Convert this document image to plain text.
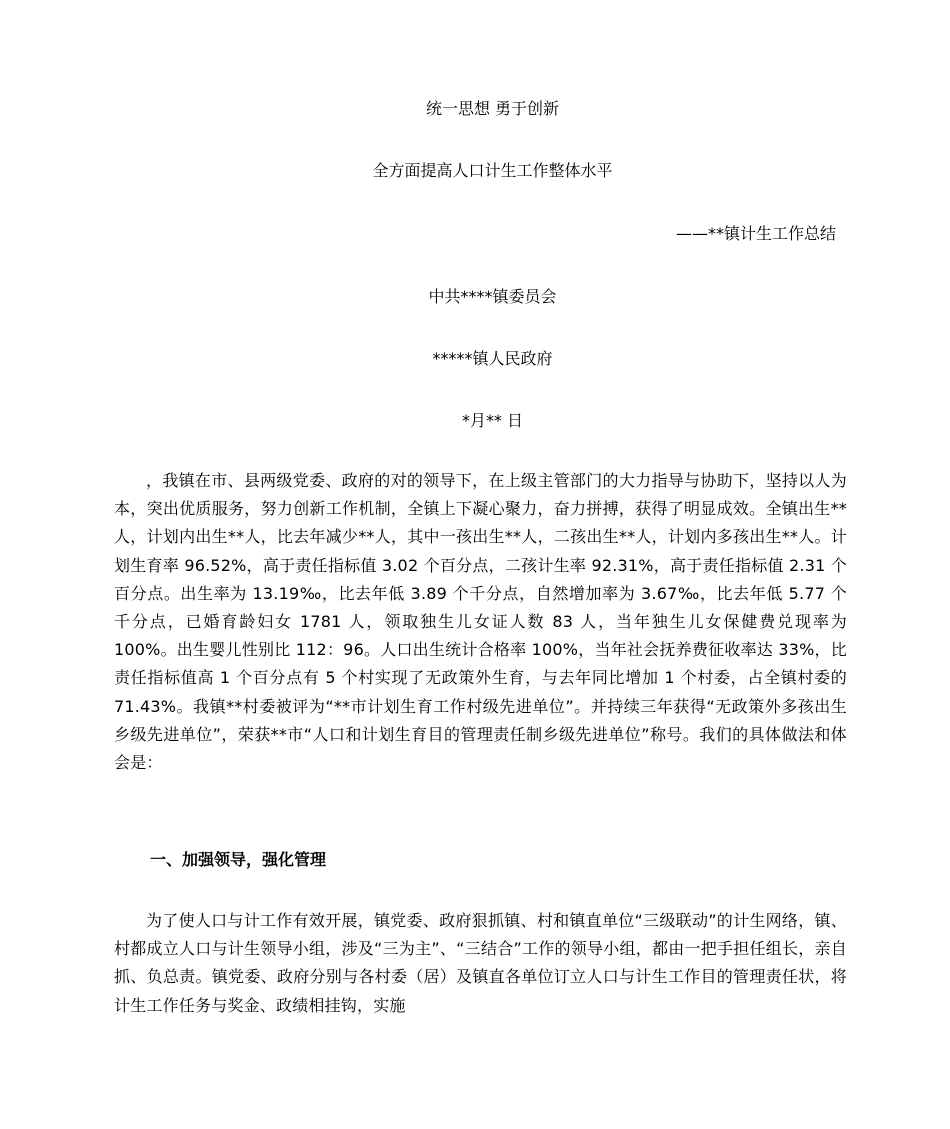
统一思想 勇于创新
全方面提高人口计生工作整体水平
——**镇计生工作总结
中共****镇委员会
*****镇人民政府
*月** 日

，我镇在市、县两级党委、政府的对的领导下，在上级主管部门的大力指导与协助下，坚持以人为本，突出优质服务，努力创新工作机制，全镇上下凝心聚力，奋力拼搏，获得了明显成效。全镇出生**人，计划内出生**人，比去年减少**人，其中一孩出生**人，二孩出生**人，计划内多孩出生**人。计划生育率 96.52%，高于责任指标值 3.02 个百分点，二孩计生率 92.31%，高于责任指标值 2.31 个百分点。出生率为 13.19‰，比去年低 3.89 个千分点，自然增加率为 3.67‰，比去年低 5.77 个千分点，已婚育龄妇女 1781 人，领取独生儿女证人数 83 人，当年独生儿女保健费兑现率为 100%。出生婴儿性别比 112：96。人口出生统计合格率 100%，当年社会抚养费征收率达 33%，比责任指标值高 1 个百分点有 5 个村实现了无政策外生育，与去年同比增加 1 个村委，占全镇村委的 71.43%。我镇**村委被评为“**市计划生育工作村级先进单位”。并持续三年获得“无政策外多孩出生乡级先进单位”，荣获**市“人口和计划生育目的管理责任制乡级先进单位”称号。我们的具体做法和体会是：

一、加强领导，强化管理

为了使人口与计工作有效开展，镇党委、政府狠抓镇、村和镇直单位“三级联动”的计生网络，镇、村都成立人口与计生领导小组，涉及“三为主”、“三结合”工作的领导小组，都由一把手担任组长，亲自抓、负总责。镇党委、政府分别与各村委（居）及镇直各单位订立人口与计生工作目的管理责任状，将计生工作任务与奖金、政绩相挂钩，实施
